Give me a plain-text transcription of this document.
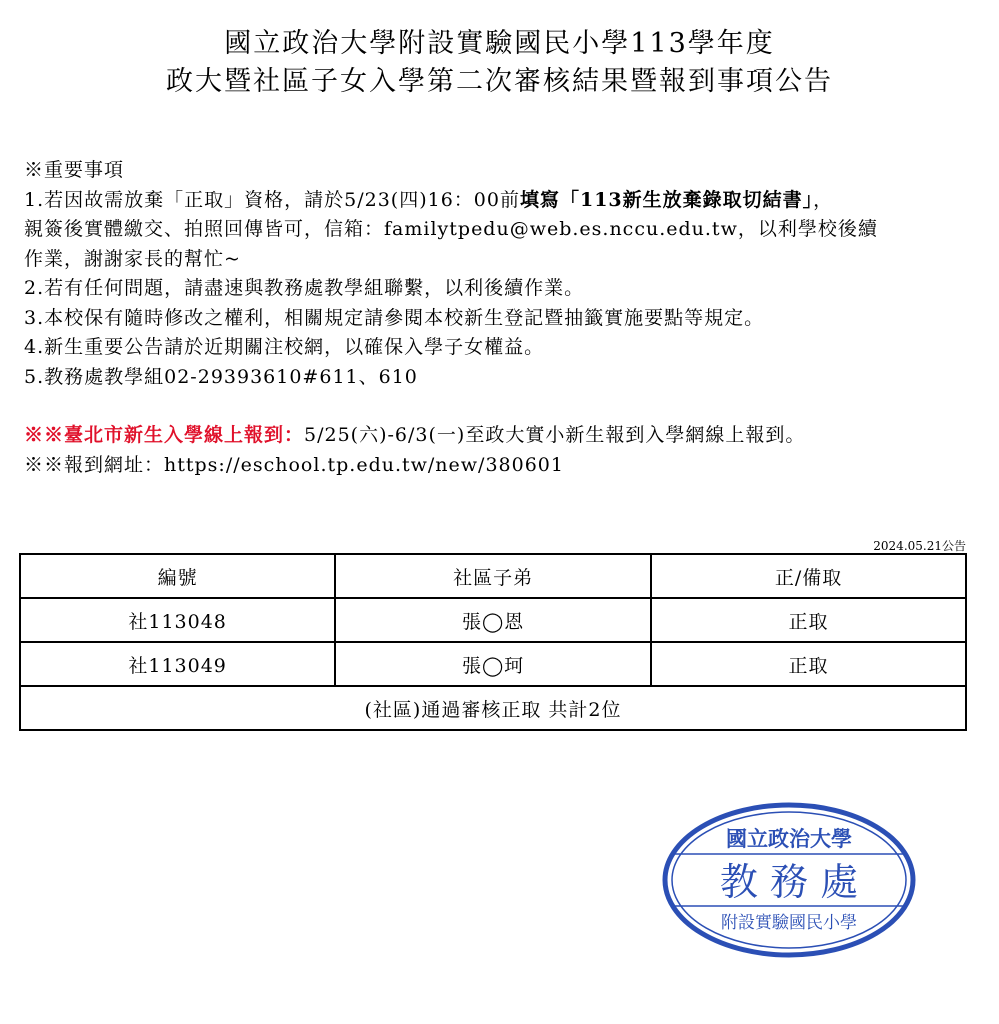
國立政治大學附設實驗國民小學113學年度
政大暨社區子女入學第二次審核結果暨報到事項公告
※重要事項
1.若因故需放棄「正取」資格，請於5/23(四)16：00前填寫「113新生放棄錄取切結書」，
親簽後實體繳交、拍照回傳皆可，信箱：familytpedu@web.es.nccu.edu.tw，以利學校後續
作業，謝謝家長的幫忙~
2.若有任何問題，請盡速與教務處教學組聯繫，以利後續作業。
3.本校保有隨時修改之權利，相關規定請參閱本校新生登記暨抽籤實施要點等規定。
4.新生重要公告請於近期關注校網，以確保入學子女權益。
5.教務處教學組02-29393610#611、610
※※臺北市新生入學線上報到：5/25(六)-6/3(一)至政大實小新生報到入學網線上報到。
※※報到網址：https://eschool.tp.edu.tw/new/380601
2024.05.21公告
編號	社區子弟	正/備取
社113048	張◯恩	正取
社113049	張◯珂	正取
(社區)通過審核正取 共計2位		
國立政治大學
教 務 處
附設實驗國民小學
